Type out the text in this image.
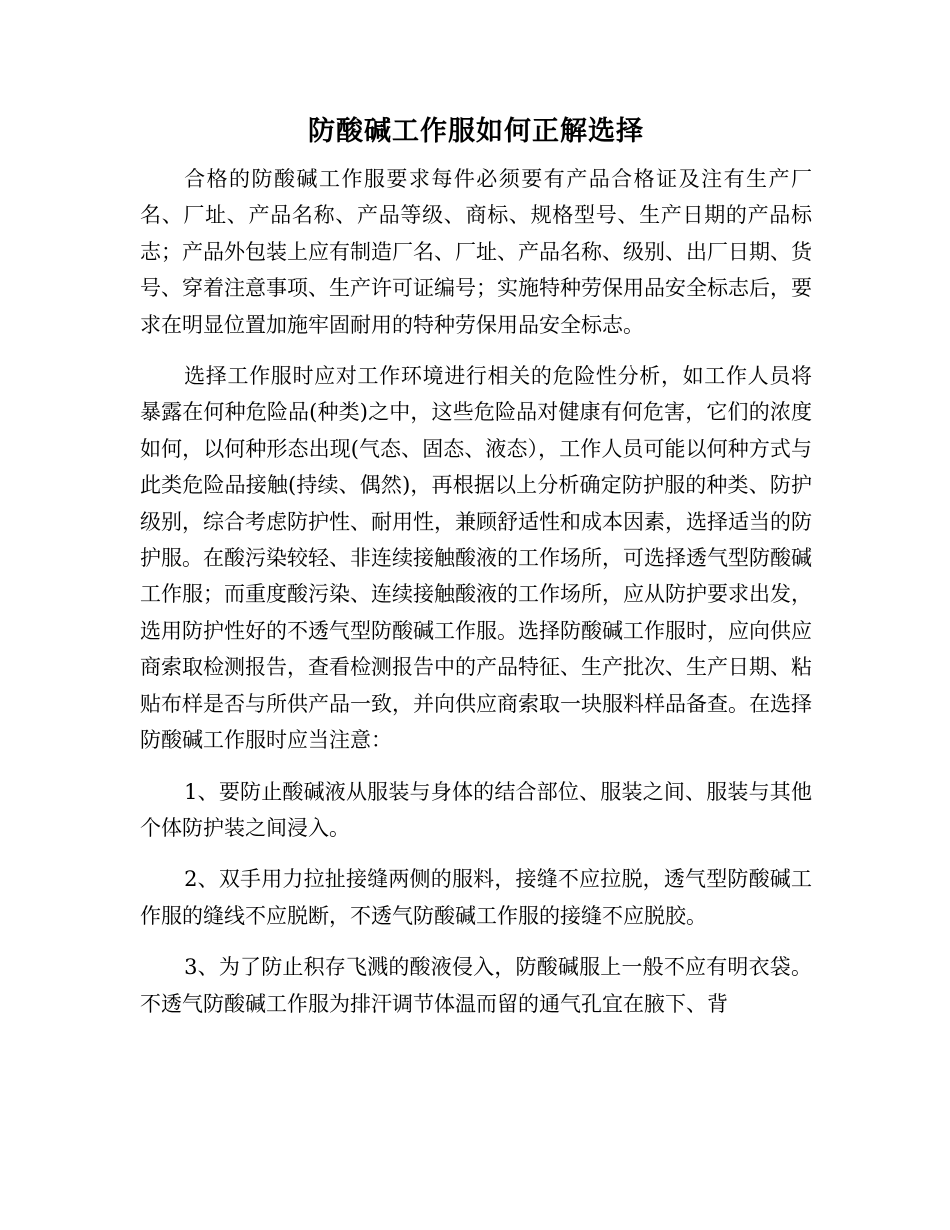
防酸碱工作服如何正解选择

合格的防酸碱工作服要求每件必须要有产品合格证及注有生产厂名、厂址、产品名称、产品等级、商标、规格型号、生产日期的产品标志；产品外包装上应有制造厂名、厂址、产品名称、级别、出厂日期、货号、穿着注意事项、生产许可证编号；实施特种劳保用品安全标志后，要求在明显位置加施牢固耐用的特种劳保用品安全标志。

选择工作服时应对工作环境进行相关的危险性分析，如工作人员将暴露在何种危险品(种类)之中，这些危险品对健康有何危害，它们的浓度如何，以何种形态出现(气态、固态、液态），工作人员可能以何种方式与此类危险品接触(持续、偶然)，再根据以上分析确定防护服的种类、防护级别，综合考虑防护性、耐用性，兼顾舒适性和成本因素，选择适当的防护服。在酸污染较轻、非连续接触酸液的工作场所，可选择透气型防酸碱工作服；而重度酸污染、连续接触酸液的工作场所，应从防护要求出发，选用防护性好的不透气型防酸碱工作服。选择防酸碱工作服时，应向供应商索取检测报告，查看检测报告中的产品特征、生产批次、生产日期、粘贴布样是否与所供产品一致，并向供应商索取一块服料样品备查。在选择防酸碱工作服时应当注意：

1、要防止酸碱液从服装与身体的结合部位、服装之间、服装与其他个体防护装之间浸入。

2、双手用力拉扯接缝两侧的服料，接缝不应拉脱，透气型防酸碱工作服的缝线不应脱断，不透气防酸碱工作服的接缝不应脱胶。

3、为了防止积存飞溅的酸液侵入，防酸碱服上一般不应有明衣袋。不透气防酸碱工作服为排汗调节体温而留的通气孔宜在腋下、背
